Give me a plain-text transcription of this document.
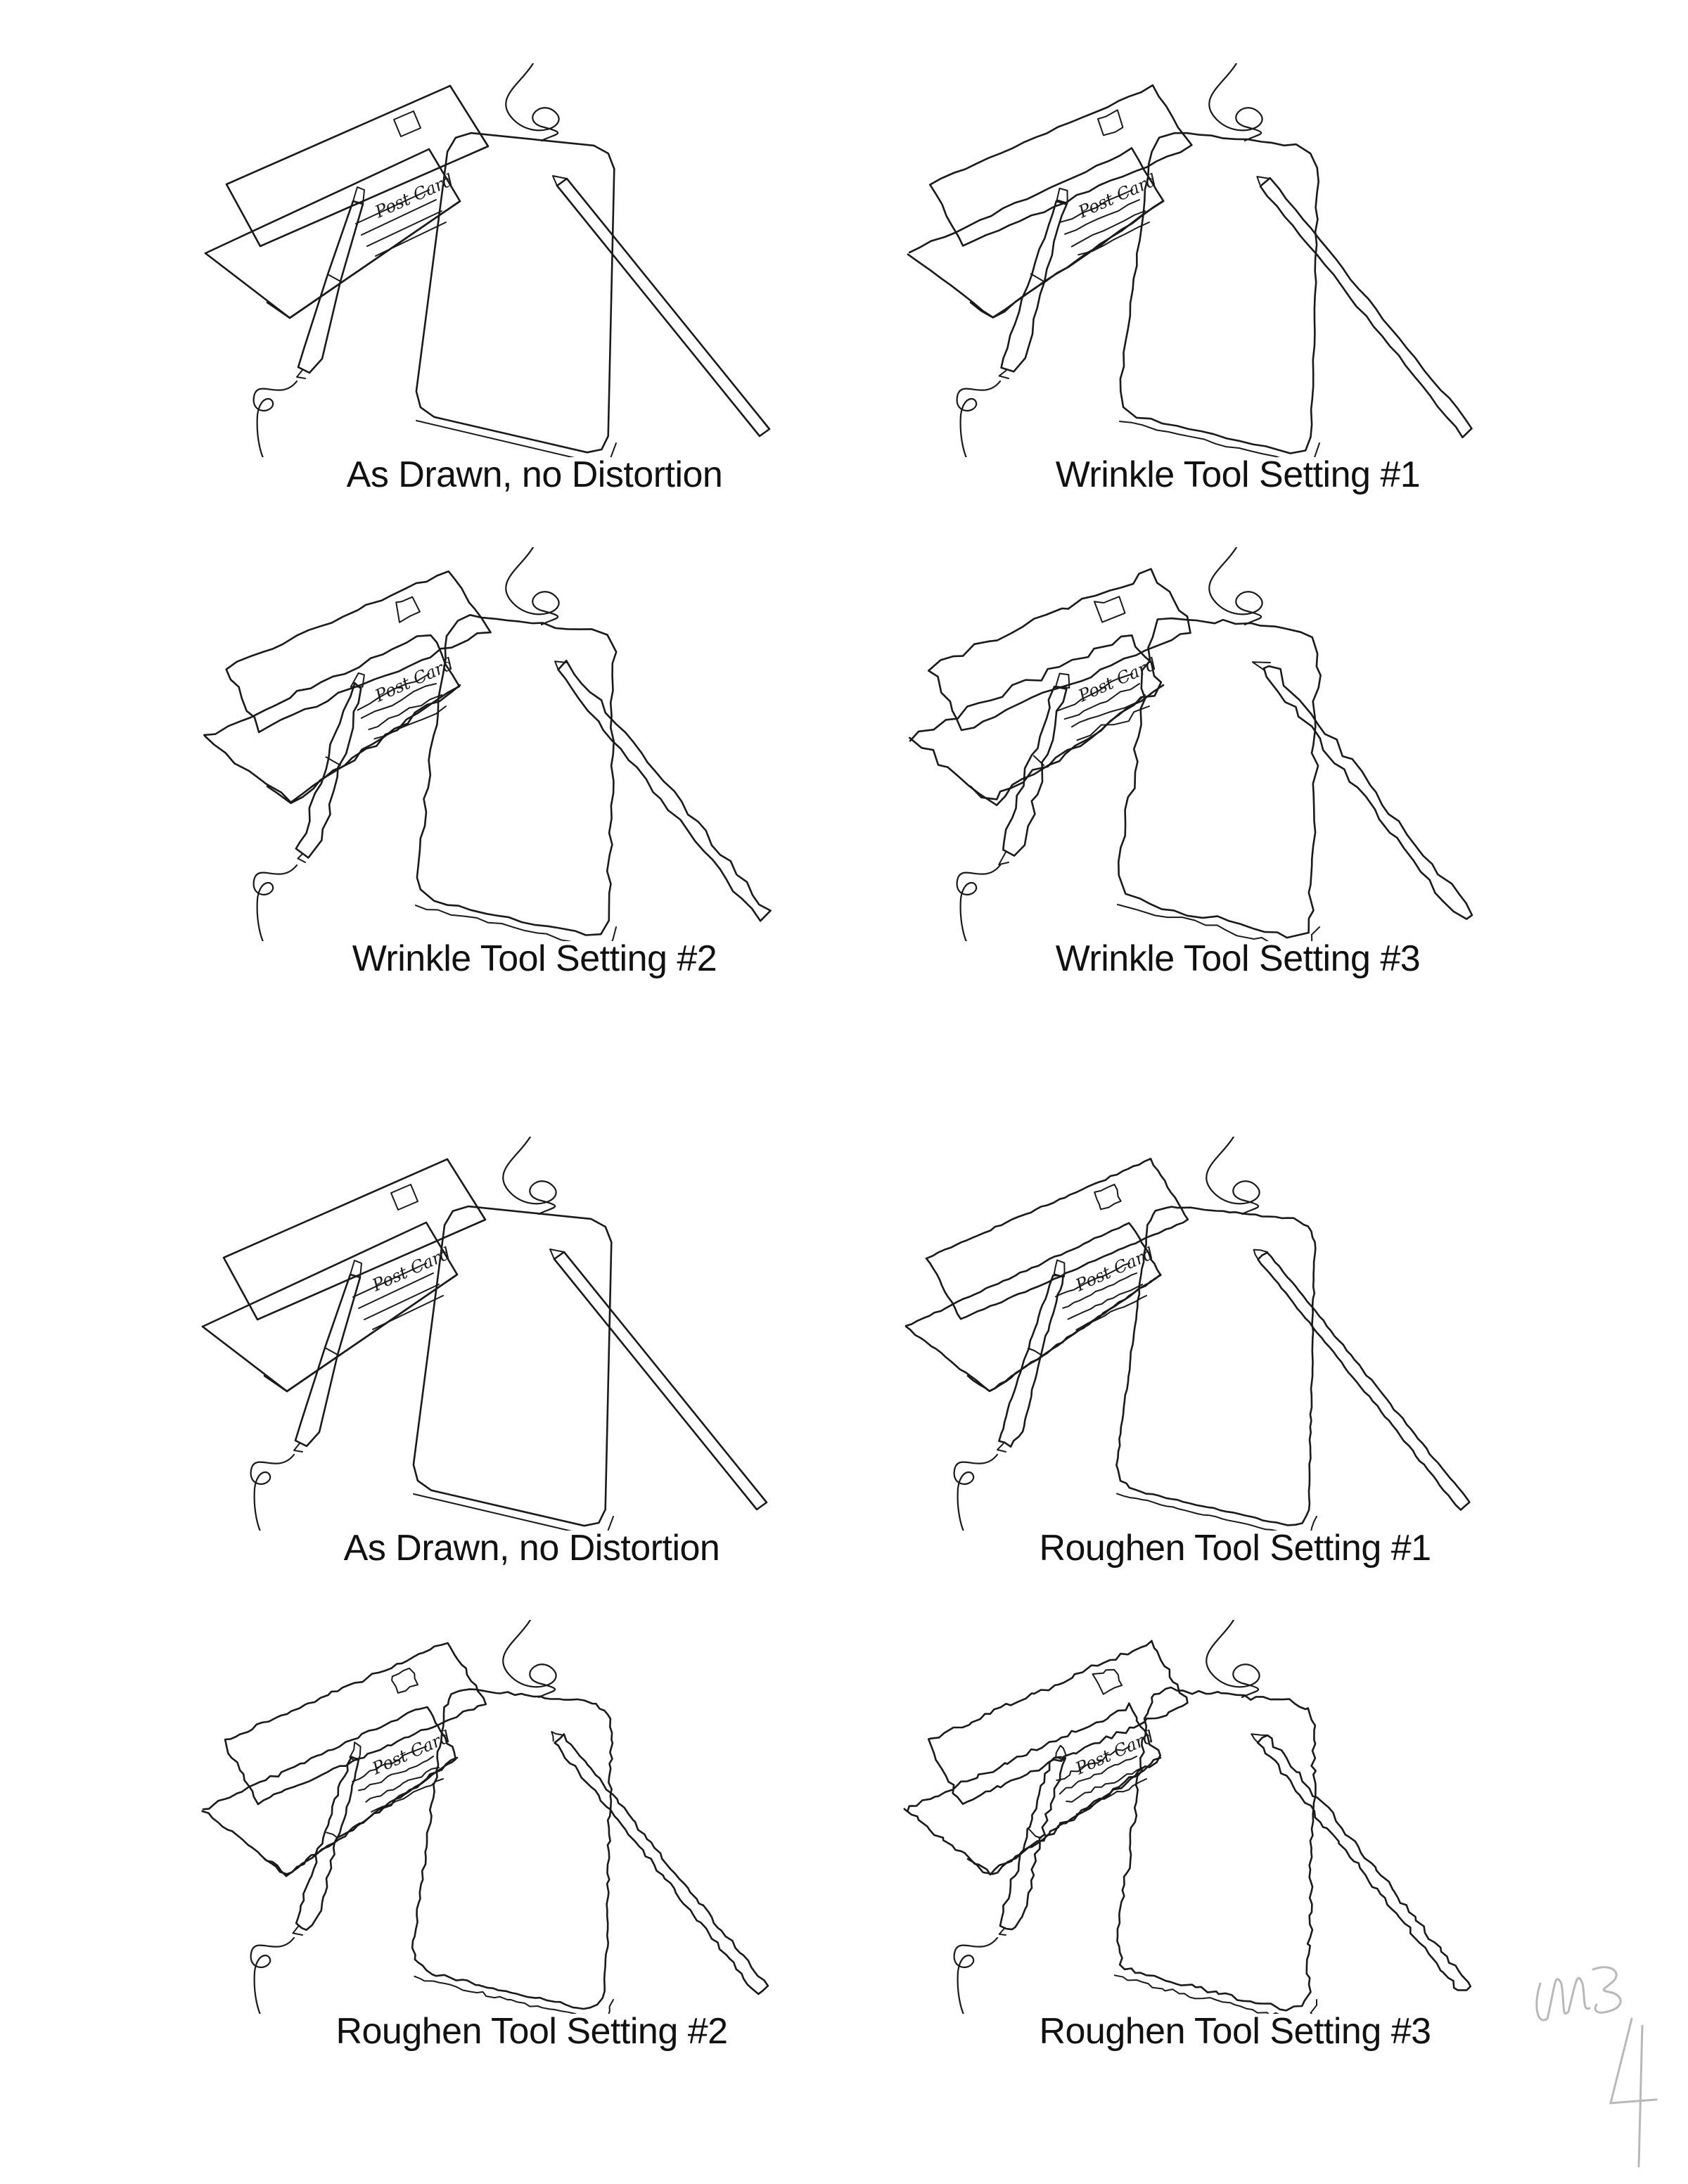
Post Card
As Drawn, no Distortion
Post Card
Wrinkle Tool Setting #1
Post Card
Wrinkle Tool Setting #2
Post Card
Wrinkle Tool Setting #3
Post Card
As Drawn, no Distortion
Post Card
Roughen Tool Setting #1
Post Card
Roughen Tool Setting #2
Post Card
Roughen Tool Setting #3
